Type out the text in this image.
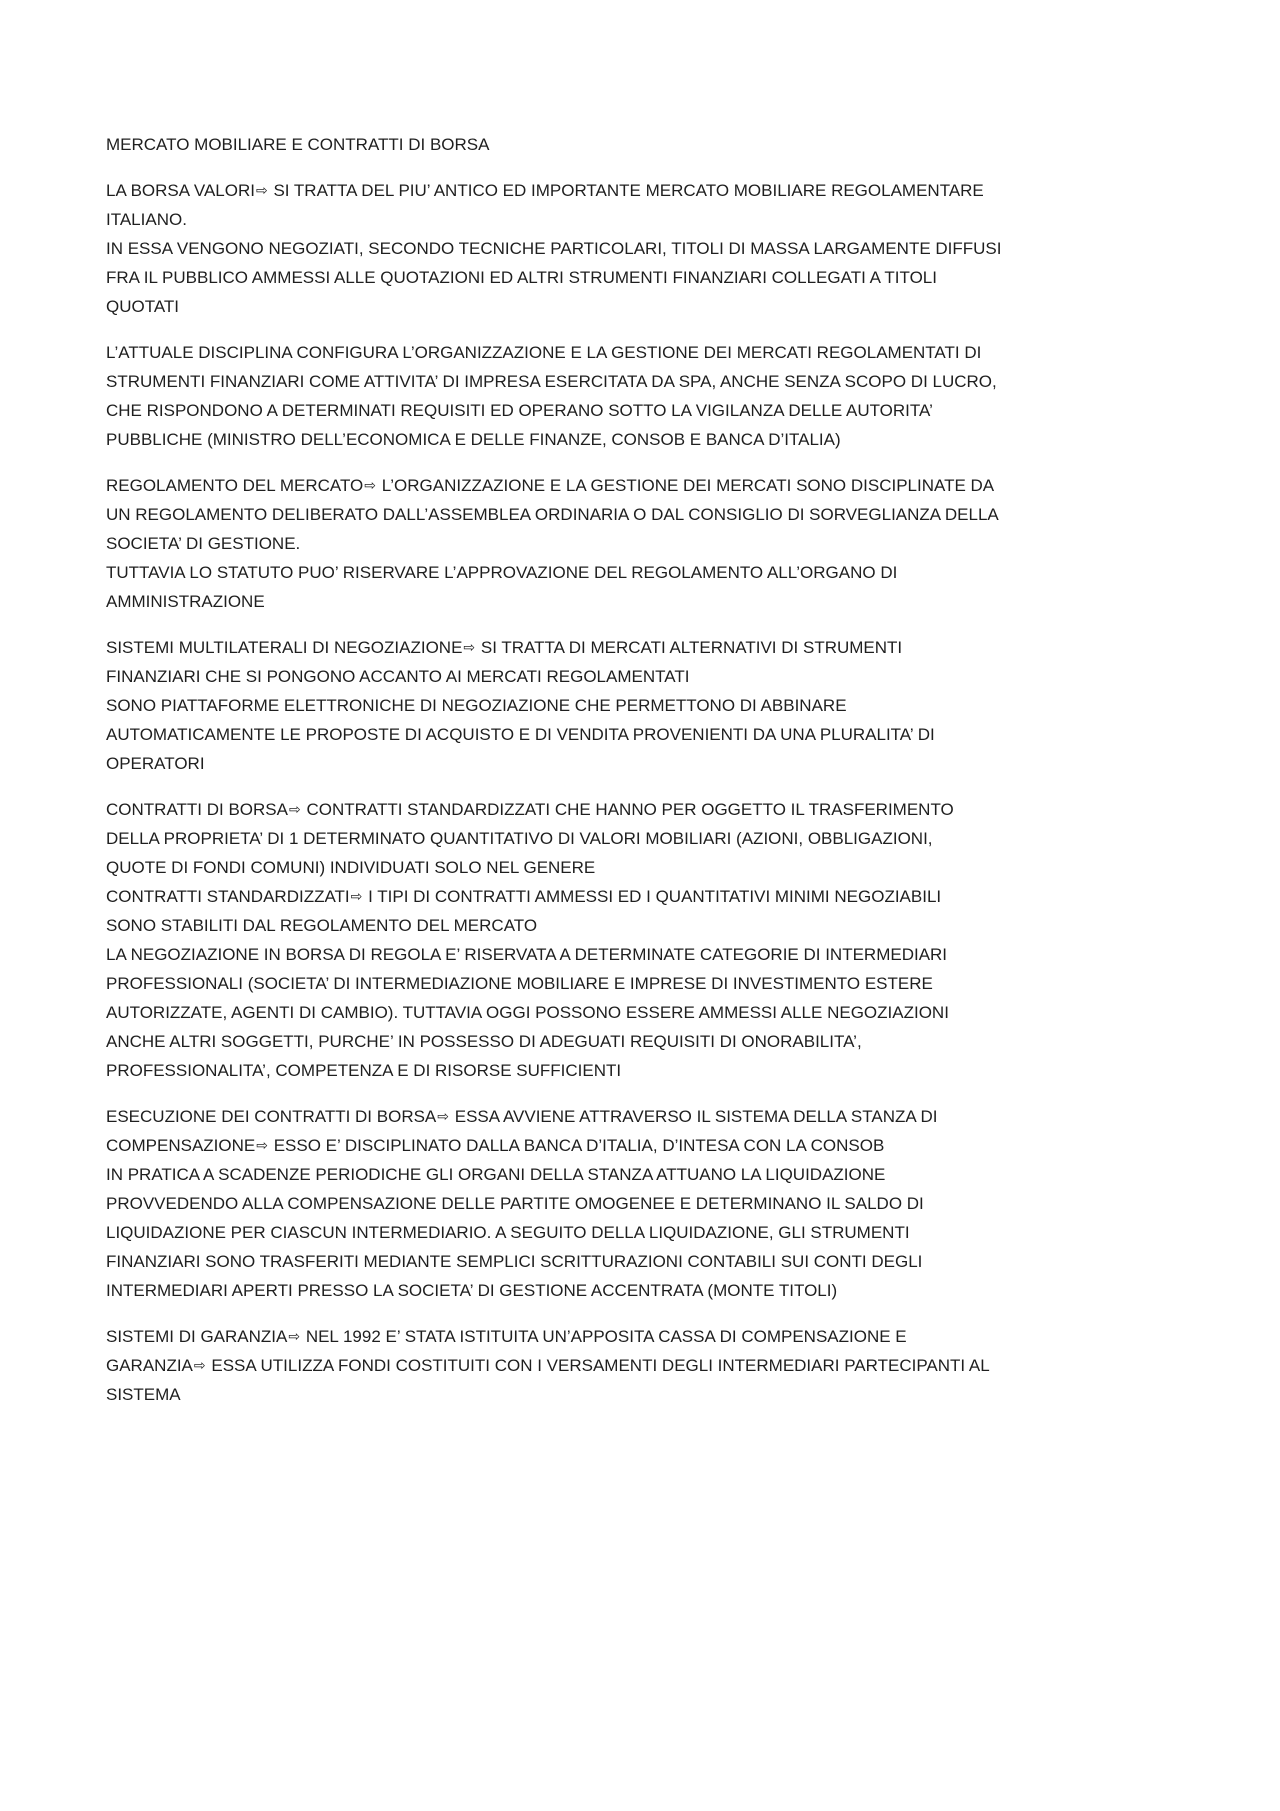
MERCATO MOBILIARE E CONTRATTI DI BORSA
LA BORSA VALORI⇨ SI TRATTA DEL PIU’ ANTICO ED IMPORTANTE MERCATO MOBILIARE REGOLAMENTARE
ITALIANO.
IN ESSA VENGONO NEGOZIATI, SECONDO TECNICHE PARTICOLARI, TITOLI DI MASSA LARGAMENTE DIFFUSI
FRA IL PUBBLICO AMMESSI ALLE QUOTAZIONI ED ALTRI STRUMENTI FINANZIARI COLLEGATI A TITOLI
QUOTATI
L’ATTUALE DISCIPLINA CONFIGURA L’ORGANIZZAZIONE E LA GESTIONE DEI MERCATI REGOLAMENTATI DI
STRUMENTI FINANZIARI COME ATTIVITA’ DI IMPRESA ESERCITATA DA SPA, ANCHE SENZA SCOPO DI LUCRO,
CHE RISPONDONO A DETERMINATI REQUISITI ED OPERANO SOTTO LA VIGILANZA DELLE AUTORITA’
PUBBLICHE (MINISTRO DELL’ECONOMICA E DELLE FINANZE, CONSOB E BANCA D’ITALIA)
REGOLAMENTO DEL MERCATO⇨ L’ORGANIZZAZIONE E LA GESTIONE DEI MERCATI SONO DISCIPLINATE DA
UN REGOLAMENTO DELIBERATO DALL’ASSEMBLEA ORDINARIA O DAL CONSIGLIO DI SORVEGLIANZA DELLA
SOCIETA’ DI GESTIONE.
TUTTAVIA LO STATUTO PUO’ RISERVARE L’APPROVAZIONE DEL REGOLAMENTO ALL’ORGANO DI
AMMINISTRAZIONE
SISTEMI MULTILATERALI DI NEGOZIAZIONE⇨ SI TRATTA DI MERCATI ALTERNATIVI DI STRUMENTI
FINANZIARI CHE SI PONGONO ACCANTO AI MERCATI REGOLAMENTATI
SONO PIATTAFORME ELETTRONICHE DI NEGOZIAZIONE CHE PERMETTONO DI ABBINARE
AUTOMATICAMENTE LE PROPOSTE DI ACQUISTO E DI VENDITA PROVENIENTI DA UNA PLURALITA’ DI
OPERATORI
CONTRATTI DI BORSA⇨ CONTRATTI STANDARDIZZATI CHE HANNO PER OGGETTO IL TRASFERIMENTO
DELLA PROPRIETA’ DI 1 DETERMINATO QUANTITATIVO DI VALORI MOBILIARI (AZIONI, OBBLIGAZIONI,
QUOTE DI FONDI COMUNI) INDIVIDUATI SOLO NEL GENERE
CONTRATTI STANDARDIZZATI⇨ I TIPI DI CONTRATTI AMMESSI ED I QUANTITATIVI MINIMI NEGOZIABILI
SONO STABILITI DAL REGOLAMENTO DEL MERCATO
LA NEGOZIAZIONE IN BORSA DI REGOLA E’ RISERVATA A DETERMINATE CATEGORIE DI INTERMEDIARI
PROFESSIONALI (SOCIETA’ DI INTERMEDIAZIONE MOBILIARE E IMPRESE DI INVESTIMENTO ESTERE
AUTORIZZATE, AGENTI DI CAMBIO). TUTTAVIA OGGI POSSONO ESSERE AMMESSI ALLE NEGOZIAZIONI
ANCHE ALTRI SOGGETTI, PURCHE’ IN POSSESSO DI ADEGUATI REQUISITI DI ONORABILITA’,
PROFESSIONALITA’, COMPETENZA E DI RISORSE SUFFICIENTI
ESECUZIONE DEI CONTRATTI DI BORSA⇨ ESSA AVVIENE ATTRAVERSO IL SISTEMA DELLA STANZA DI
COMPENSAZIONE⇨ ESSO E’ DISCIPLINATO DALLA BANCA D’ITALIA, D’INTESA CON LA CONSOB
IN PRATICA A SCADENZE PERIODICHE GLI ORGANI DELLA STANZA ATTUANO LA LIQUIDAZIONE
PROVVEDENDO ALLA COMPENSAZIONE DELLE PARTITE OMOGENEE E DETERMINANO IL SALDO DI
LIQUIDAZIONE PER CIASCUN INTERMEDIARIO. A SEGUITO DELLA LIQUIDAZIONE, GLI STRUMENTI
FINANZIARI SONO TRASFERITI MEDIANTE SEMPLICI SCRITTURAZIONI CONTABILI SUI CONTI DEGLI
INTERMEDIARI APERTI PRESSO LA SOCIETA’ DI GESTIONE ACCENTRATA (MONTE TITOLI)
SISTEMI DI GARANZIA⇨ NEL 1992 E’ STATA ISTITUITA UN’APPOSITA CASSA DI COMPENSAZIONE E
GARANZIA⇨ ESSA UTILIZZA FONDI COSTITUITI CON I VERSAMENTI DEGLI INTERMEDIARI PARTECIPANTI AL
SISTEMA
